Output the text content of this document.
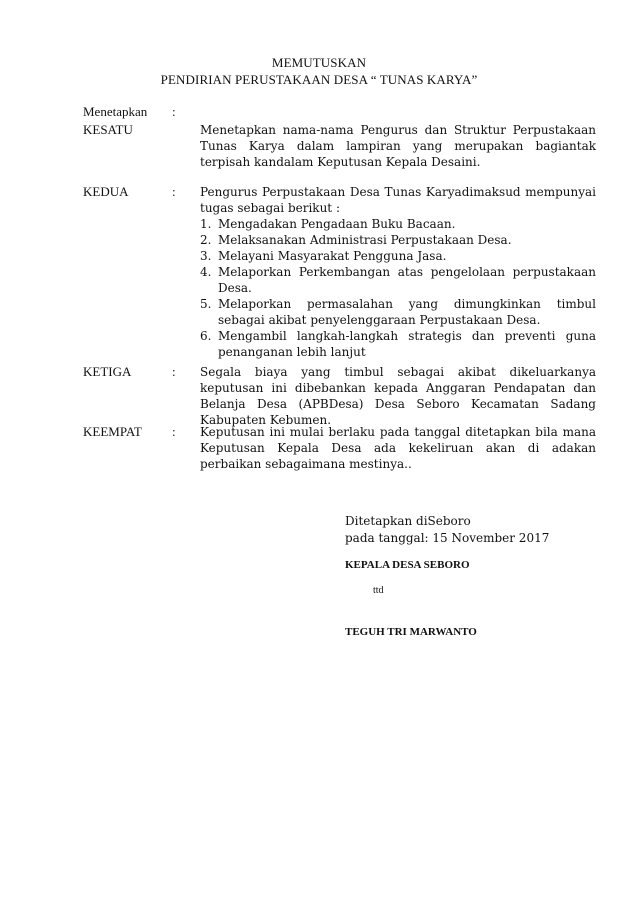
MEMUTUSKAN
PENDIRIAN PERUSTAKAAN DESA “ TUNAS KARYA”
Menetapkan :
KESATU	Menetapkan nama-nama Pengurus dan Struktur Perpustakaan Tunas Karya dalam lampiran yang merupakan bagiantak terpisah kandalam Keputusan Kepala Desaini.

KEDUA	: Pengurus Perpustakaan Desa Tunas Karyadimaksud mempunyai tugas sebagai berikut :

1. Mengadakan Pengadaan Buku Bacaan.
2. Melaksanakan Administrasi Perpustakaan Desa.
3. Melayani Masyarakat Pengguna Jasa.
4. Melaporkan Perkembangan atas pengelolaan perpustakaan Desa.
5. Melaporkan permasalahan yang dimungkinkan timbul sebagai akibat penyelenggaraan Perpustakaan Desa.
6. Mengambil langkah-langkah strategis dan preventi guna penanganan lebih lanjut
KETIGA	: Segala biaya yang timbul sebagai akibat dikeluarkanya keputusan ini dibebankan kepada Anggaran Pendapatan dan Belanja Desa (APBDesa) Desa Seboro Kecamatan Sadang Kabupaten Kebumen.

KEEMPAT : Keputusan ini mulai berlaku pada tanggal ditetapkan bila mana Keputusan Kepala Desa ada kekeliruan akan di adakan perbaikan sebagaimana mestinya..

Ditetapkan diSeboro
pada tanggal: 15 November 2017
KEPALA DESA SEBORO
ttd
TEGUH TRI MARWANTO
